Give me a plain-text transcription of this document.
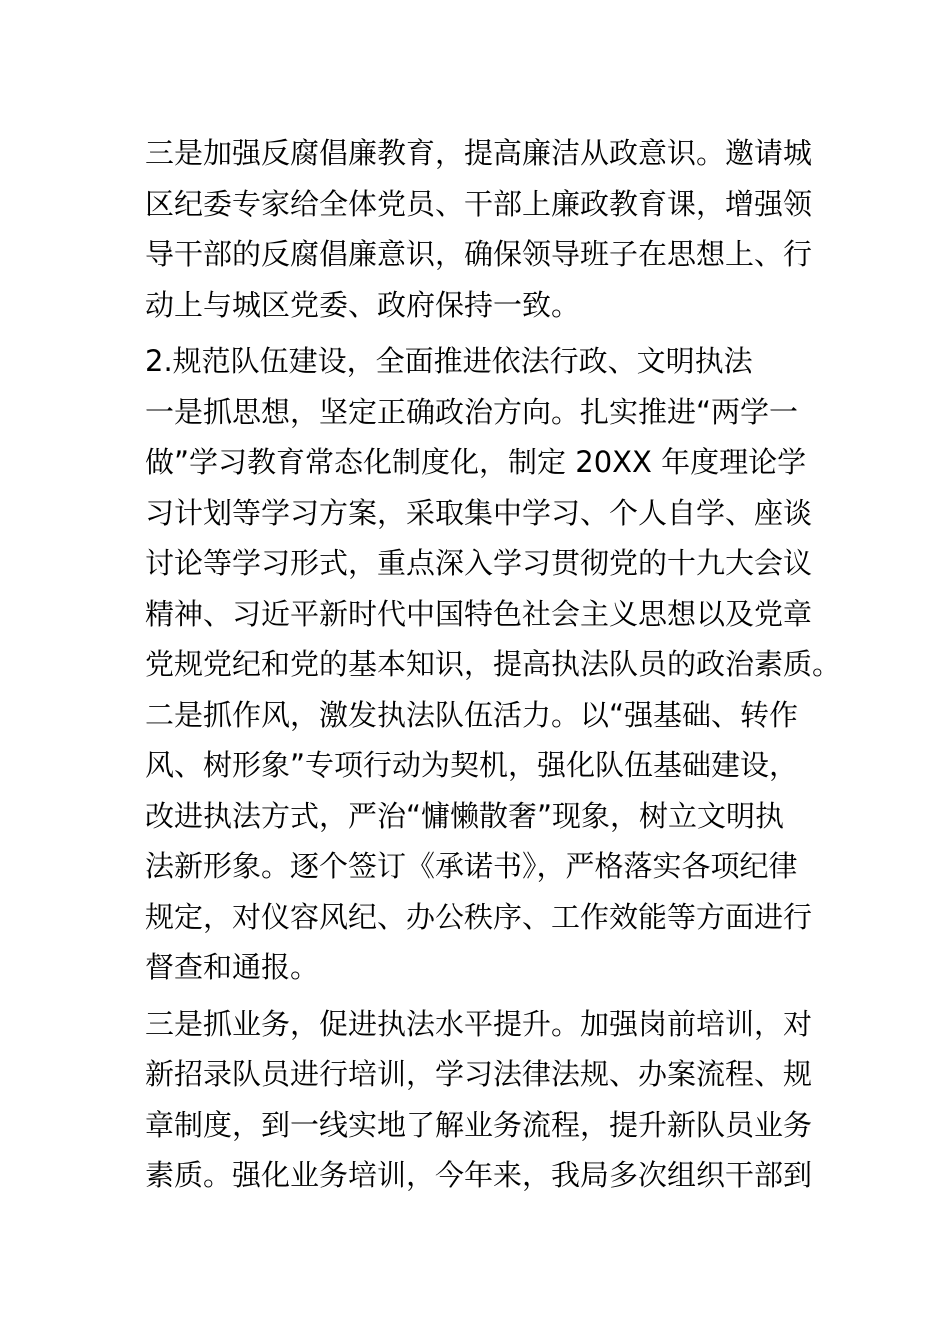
三是加强反腐倡廉教育，提高廉洁从政意识。邀请城
区纪委专家给全体党员、干部上廉政教育课，增强领
导干部的反腐倡廉意识，确保领导班子在思想上、行
动上与城区党委、政府保持一致。

2.规范队伍建设，全面推进依法行政、文明执法

一是抓思想，坚定正确政治方向。扎实推进“两学一
做”学习教育常态化制度化，制定 20XX 年度理论学
习计划等学习方案，采取集中学习、个人自学、座谈
讨论等学习形式，重点深入学习贯彻党的十九大会议
精神、习近平新时代中国特色社会主义思想以及党章
党规党纪和党的基本知识，提高执法队员的政治素质。
二是抓作风，激发执法队伍活力。以“强基础、转作
风、树形象”专项行动为契机，强化队伍基础建设，
改进执法方式，严治“慵懒散奢”现象，树立文明执
法新形象。逐个签订《承诺书》，严格落实各项纪律
规定，对仪容风纪、办公秩序、工作效能等方面进行
督查和通报。

三是抓业务，促进执法水平提升。加强岗前培训，对
新招录队员进行培训，学习法律法规、办案流程、规
章制度，到一线实地了解业务流程，提升新队员业务
素质。强化业务培训，今年来，我局多次组织干部到
